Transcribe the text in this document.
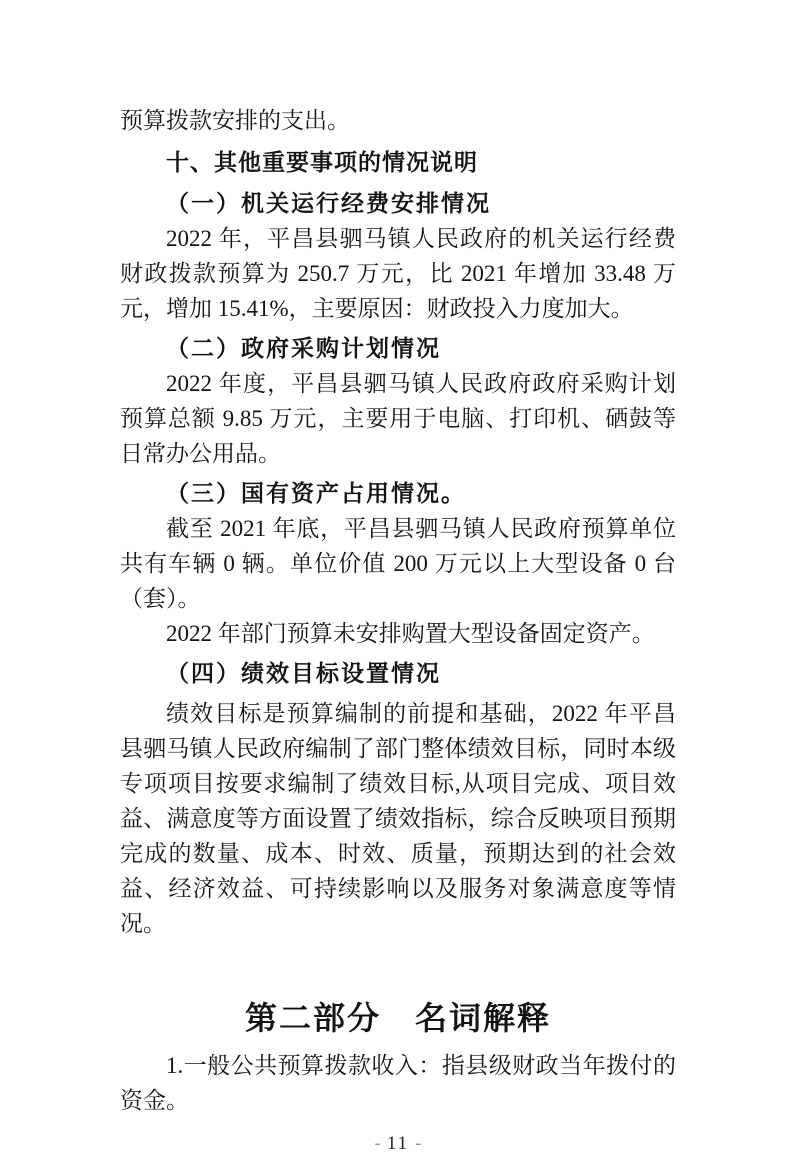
预算拨款安排的支出。

十、其他重要事项的情况说明
（一）机关运行经费安排情况

2022 年，平昌县驷马镇人民政府的机关运行经费财政拨款预算为 250.7 万元，比 2021 年增加 33.48 万元，增加 15.41%，主要原因：财政投入力度加大。

（二）政府采购计划情况

2022 年度，平昌县驷马镇人民政府政府采购计划预算总额 9.85 万元，主要用于电脑、打印机、硒鼓等日常办公用品。

（三）国有资产占用情况。

截至 2021 年底，平昌县驷马镇人民政府预算单位共有车辆 0 辆。单位价值 200 万元以上大型设备 0 台（套）。

2022 年部门预算未安排购置大型设备固定资产。

（四）绩效目标设置情况

绩效目标是预算编制的前提和基础，2022 年平昌县驷马镇人民政府编制了部门整体绩效目标，同时本级专项项目按要求编制了绩效目标,从项目完成、项目效益、满意度等方面设置了绩效指标，综合反映项目预期完成的数量、成本、时效、质量，预期达到的社会效益、经济效益、可持续影响以及服务对象满意度等情况。

第二部分　名词解释

1.一般公共预算拨款收入：指县级财政当年拨付的资金。

- 11 -
